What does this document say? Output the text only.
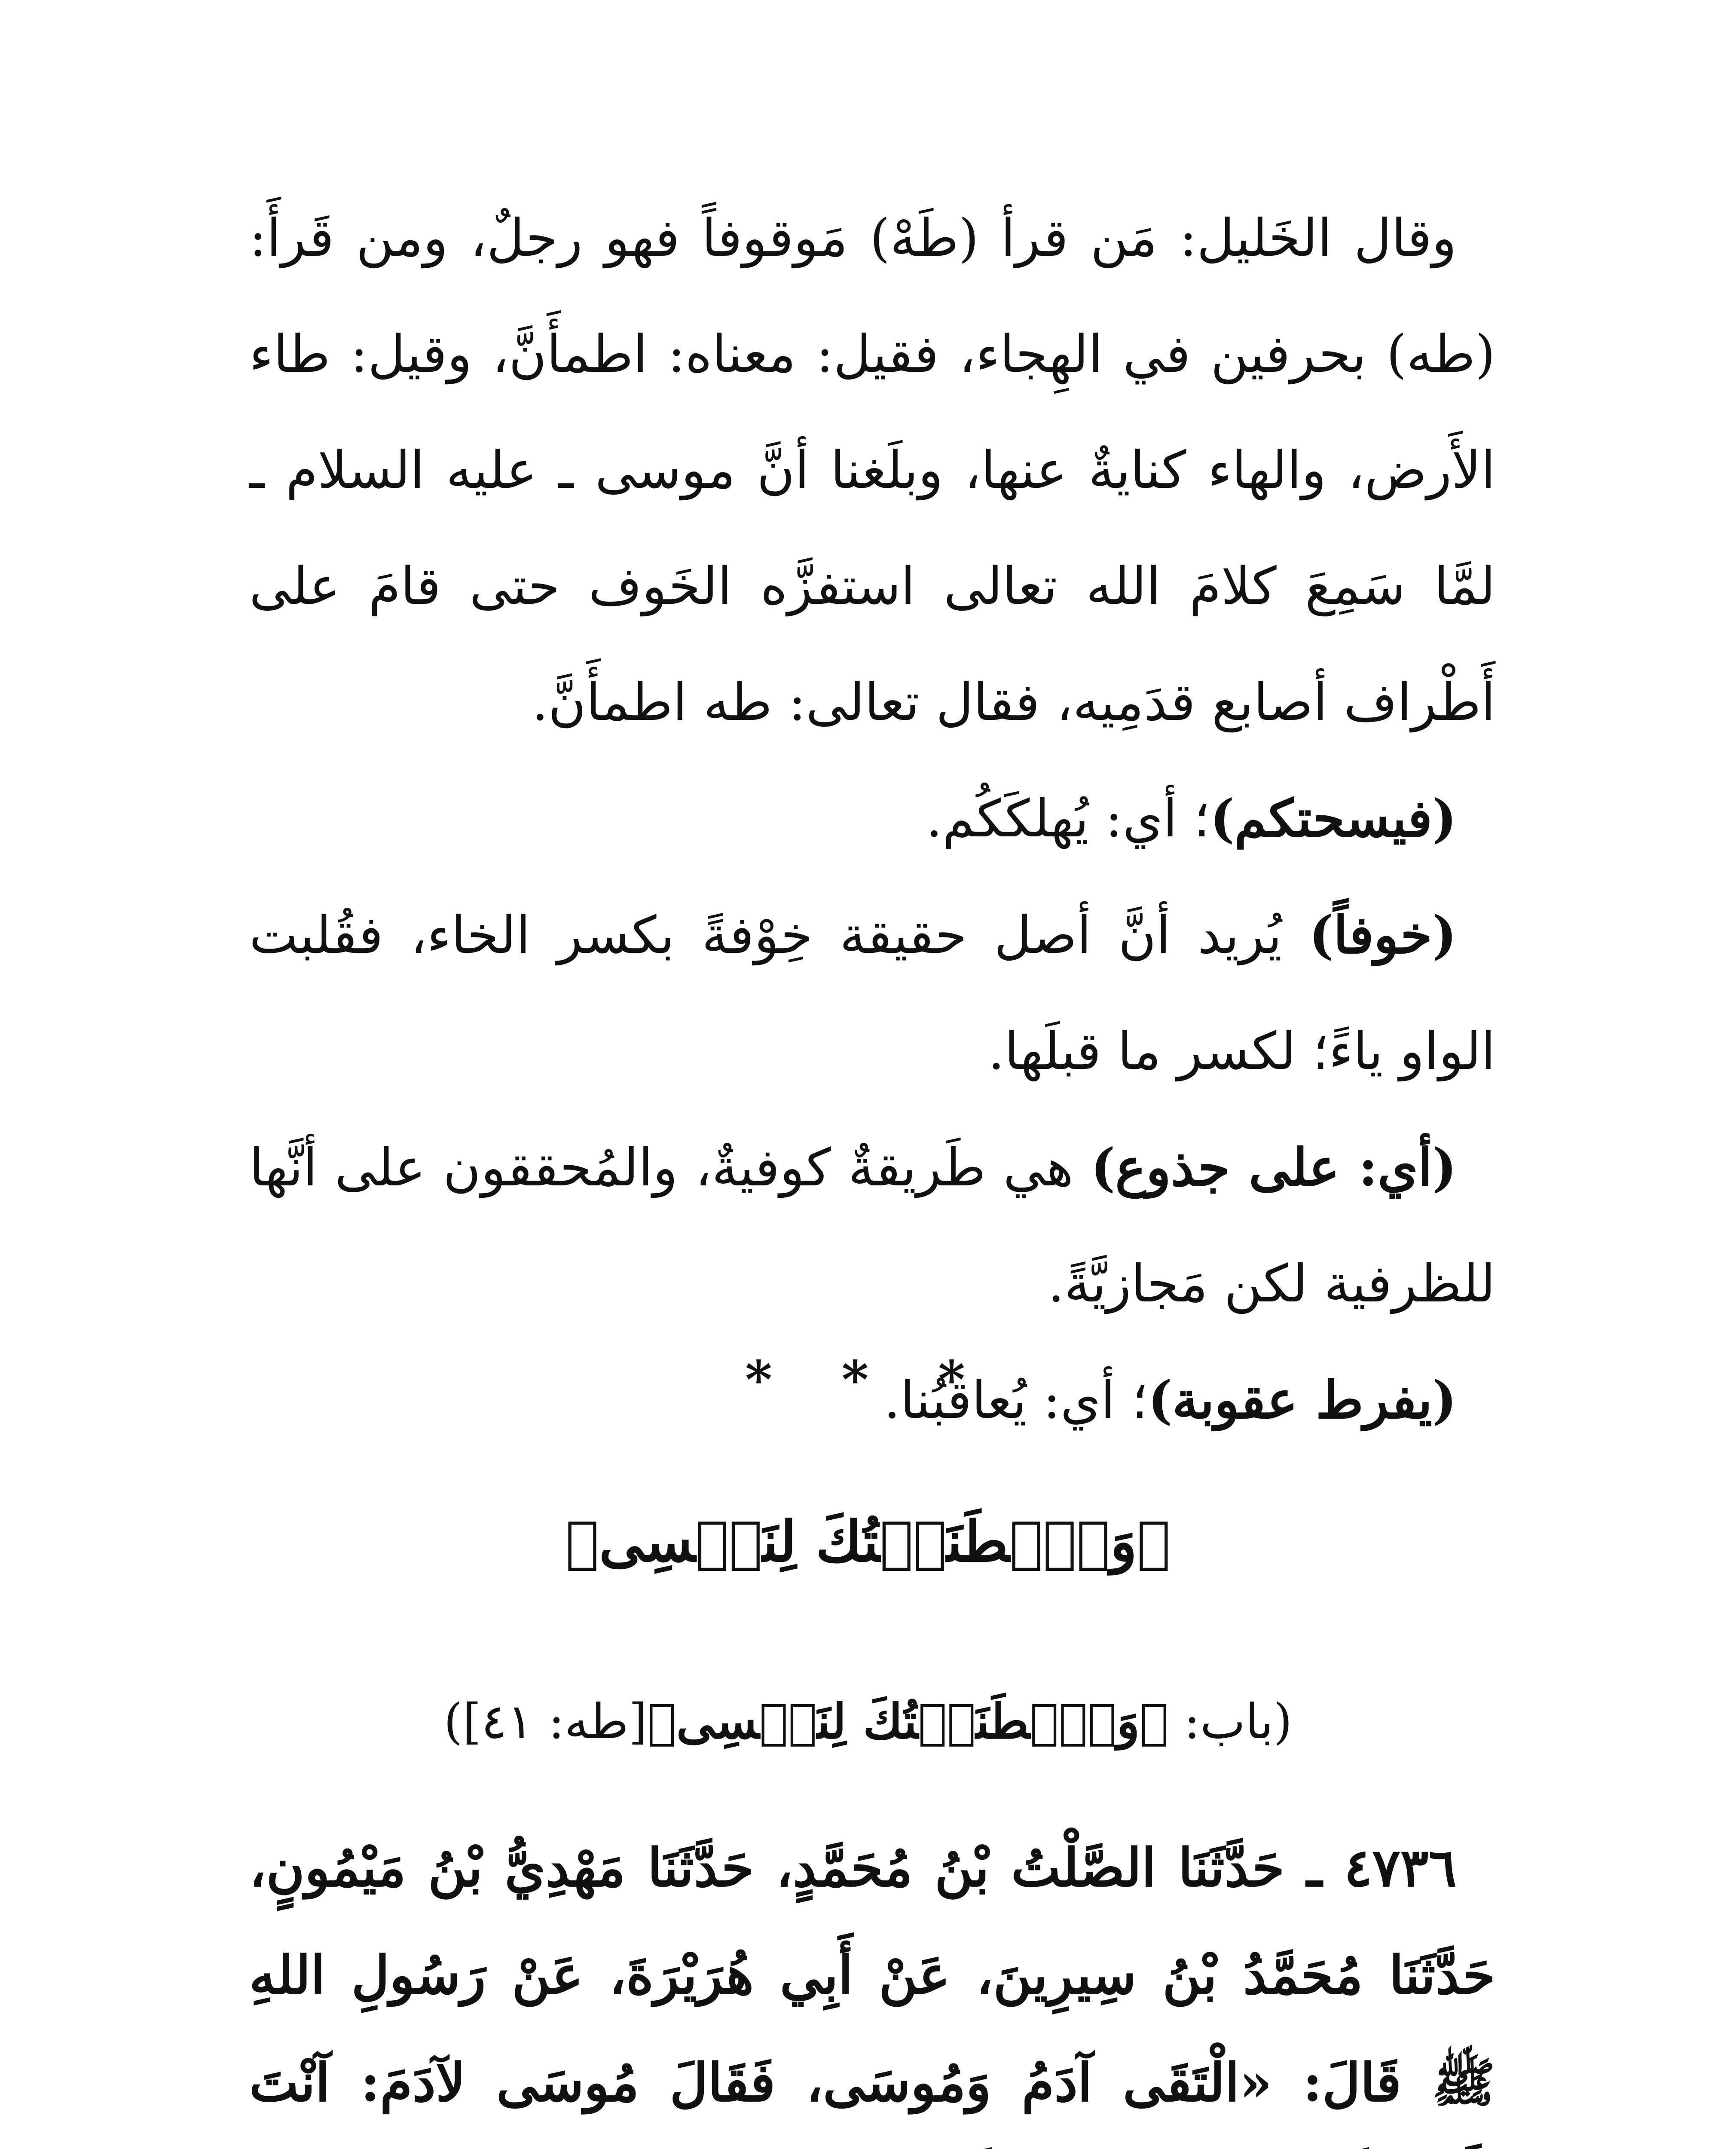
وقال الخَليل: مَن قرأ (طَهْ) مَوقوفاً فهو رجلٌ، ومن قَرأَ: (طه) بحرفين في الهِجاء، فقيل: معناه: اطمأَنَّ، وقيل: طاء الأَرض، والهاء كنايةٌ عنها، وبلَغنا أنَّ موسى ـ عليه السلام ـ لمَّا سَمِعَ كلامَ الله تعالى استفزَّه الخَوف حتى قامَ على أَطْراف أصابع قدَمِيه، فقال تعالى: طه اطمأَنَّ.

(فيسحتكم)؛ أي: يُهلكَكُم.

(خوفاً) يُريد أنَّ أصل حقيقة خِوْفةً بكسر الخاء، فقُلبت الواو ياءً؛ لكسر ما قبلَها.

(أي: على جذوع) هي طَريقةٌ كوفيةٌ، والمُحققون على أنَّها للظرفية لكن مَجازيَّةً.

(يفرط عقوبة)؛ أي: يُعاقبُنا.

* * *
﴿وَٱصۡطَنَعۡتُكَ لِنَفۡسِى﴾
(باب: ﴿وَٱصۡطَنَعۡتُكَ لِنَفۡسِى﴾[طه: ٤١])

٤٧٣٦ ـ حَدَّثَنَا الصَّلْتُ بْنُ مُحَمَّدٍ، حَدَّثَنَا مَهْدِيُّ بْنُ مَيْمُونٍ، حَدَّثَنَا مُحَمَّدُ بْنُ سِيرِينَ، عَنْ أَبِي هُرَيْرَةَ، عَنْ رَسُولِ اللهِ ﷺ قَالَ: «الْتَقَى آدَمُ وَمُوسَى، فَقَالَ مُوسَى لآدَمَ: آنْتَ
